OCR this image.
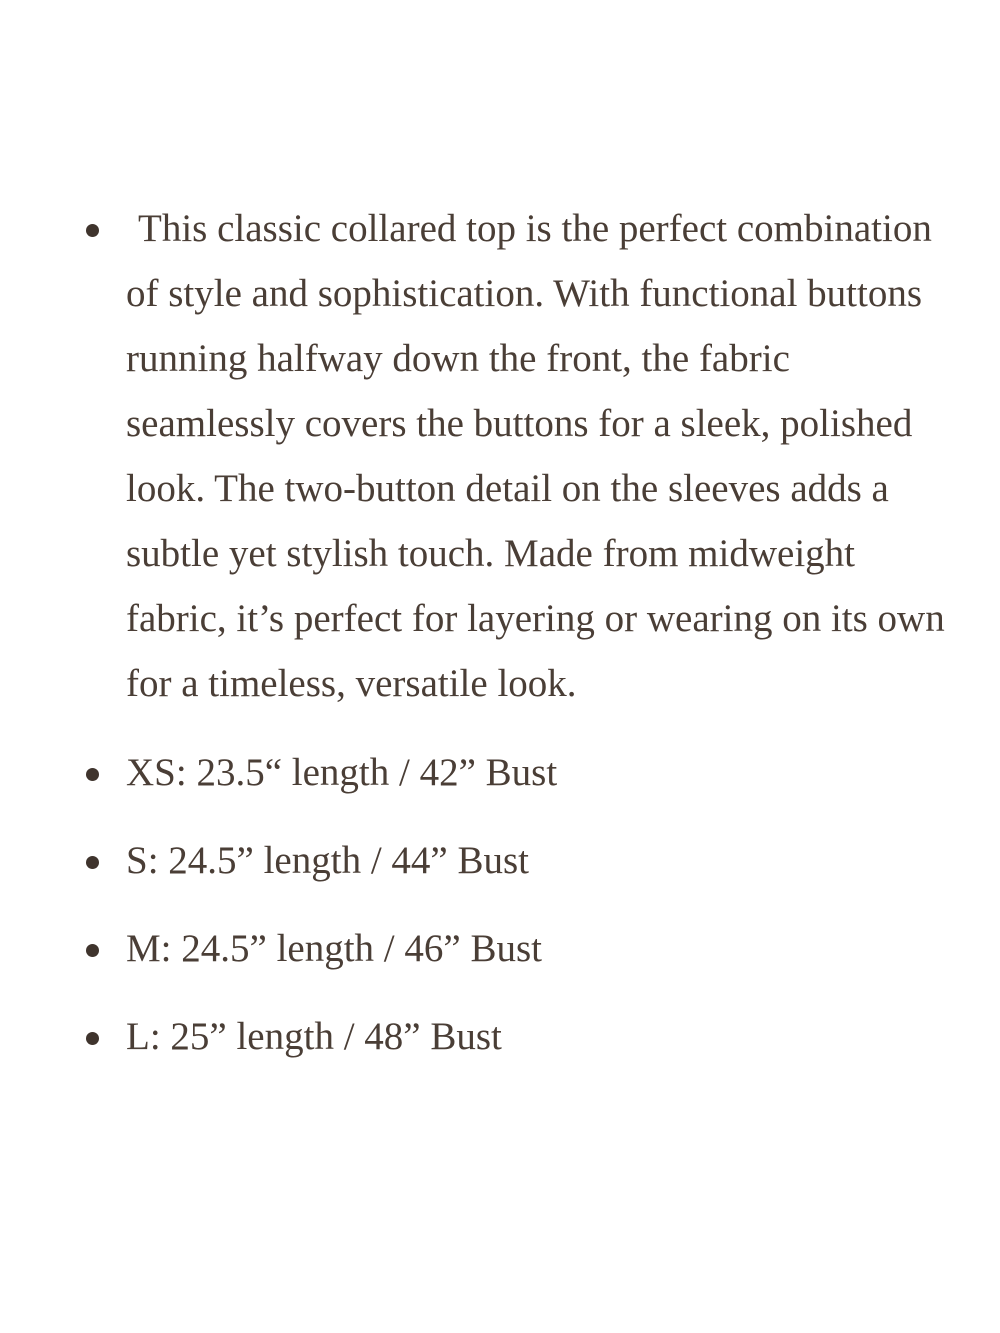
This classic collared top is the perfect combination of style and sophistication. With functional buttons running halfway down the front, the fabric seamlessly covers the buttons for a sleek, polished look. The two-button detail on the sleeves adds a subtle yet stylish touch. Made from midweight fabric, it’s perfect for layering or wearing on its own for a timeless, versatile look.
XS: 23.5“ length / 42” Bust
S: 24.5” length / 44” Bust
M: 24.5” length / 46” Bust
L: 25” length / 48” Bust
